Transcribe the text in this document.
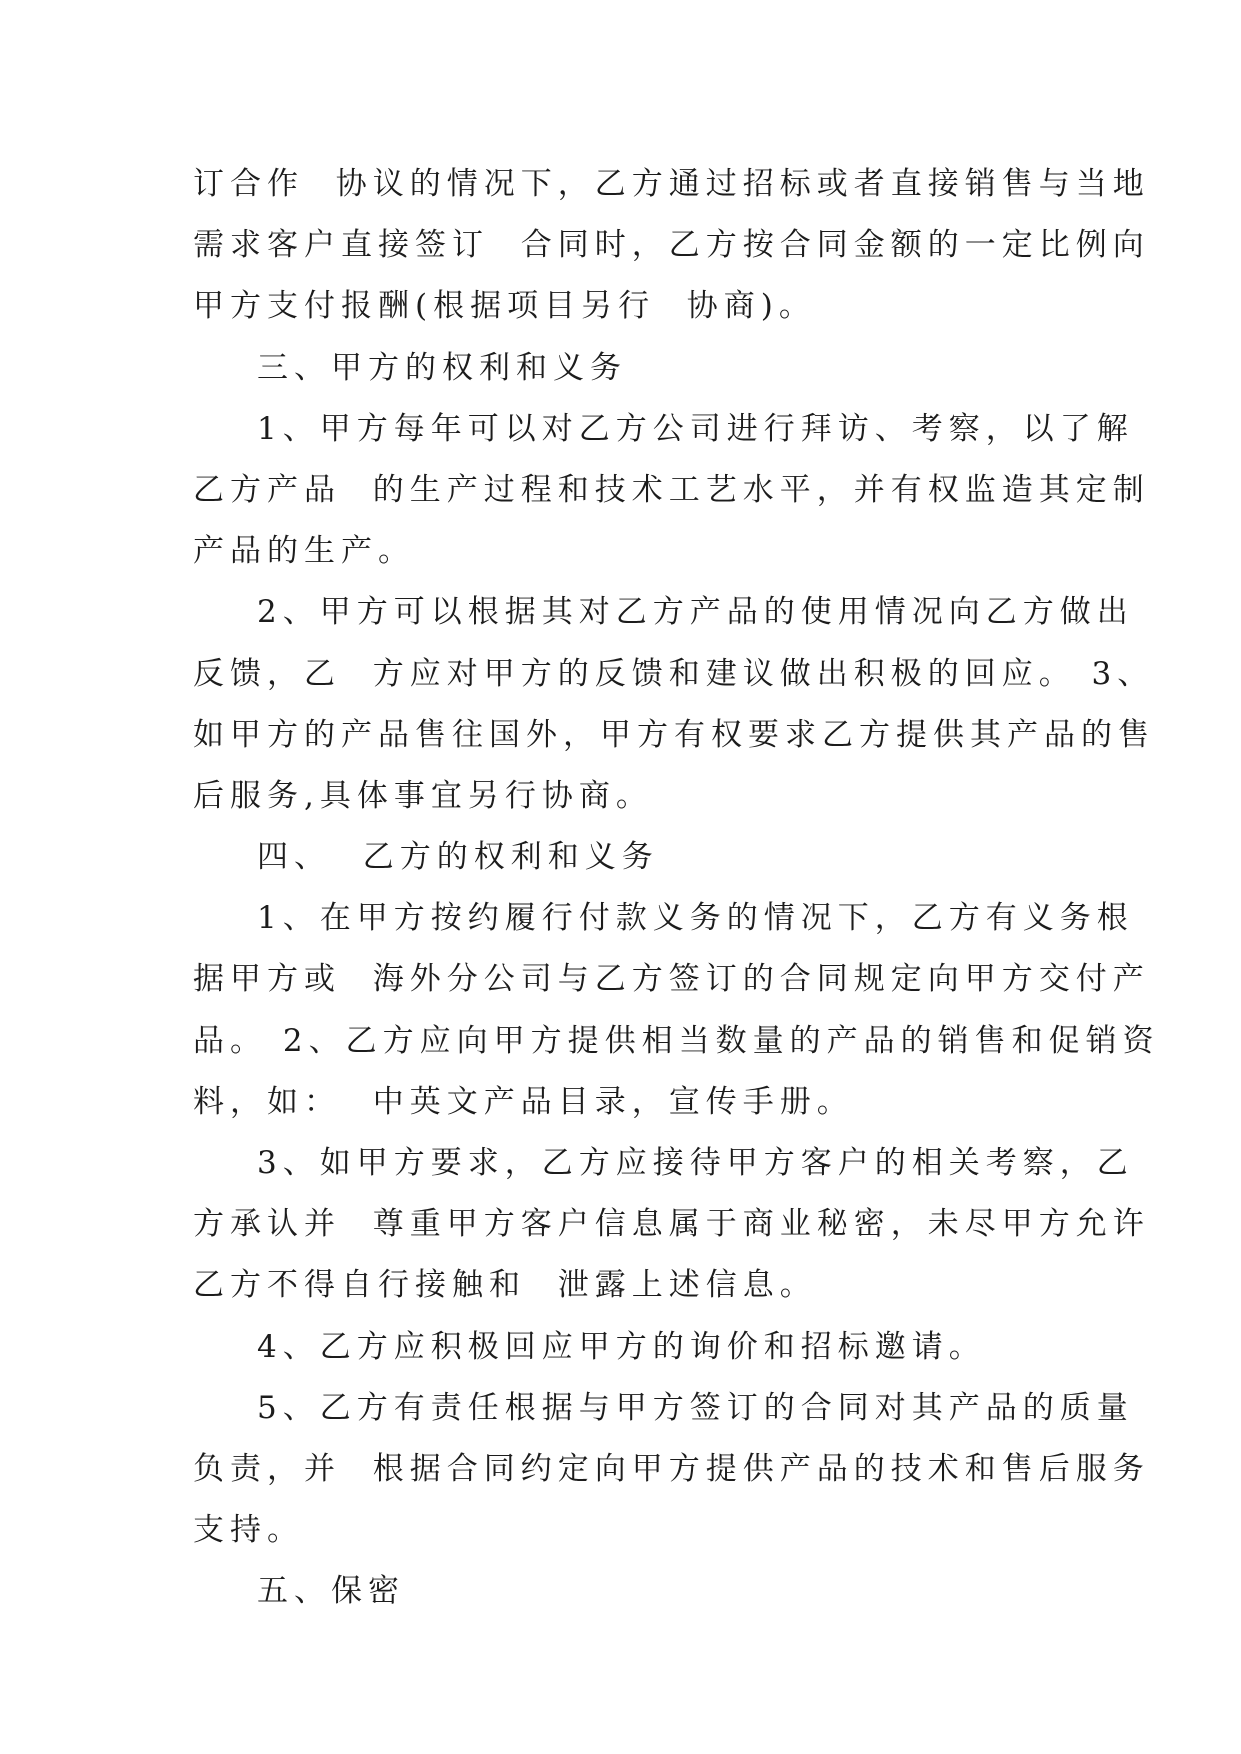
订合作  协议的情况下，乙方通过招标或者直接销售与当地
需求客户直接签订  合同时，乙方按合同金额的一定比例向
甲方支付报酬(根据项目另行  协商)。
三、甲方的权利和义务
1、甲方每年可以对乙方公司进行拜访、考察，以了解
乙方产品  的生产过程和技术工艺水平，并有权监造其定制
产品的生产。
2、甲方可以根据其对乙方产品的使用情况向乙方做出
反馈，乙  方应对甲方的反馈和建议做出积极的回应。 3、
如甲方的产品售往国外，甲方有权要求乙方提供其产品的售
后服务,具体事宜另行协商。
四、  乙方的权利和义务
1、在甲方按约履行付款义务的情况下，乙方有义务根
据甲方或  海外分公司与乙方签订的合同规定向甲方交付产
品。 2、乙方应向甲方提供相当数量的产品的销售和促销资
料，如：  中英文产品目录，宣传手册。
3、如甲方要求，乙方应接待甲方客户的相关考察，乙
方承认并  尊重甲方客户信息属于商业秘密，未尽甲方允许
乙方不得自行接触和  泄露上述信息。
4、乙方应积极回应甲方的询价和招标邀请。
5、乙方有责任根据与甲方签订的合同对其产品的质量
负责，并  根据合同约定向甲方提供产品的技术和售后服务
支持。
五、保密
